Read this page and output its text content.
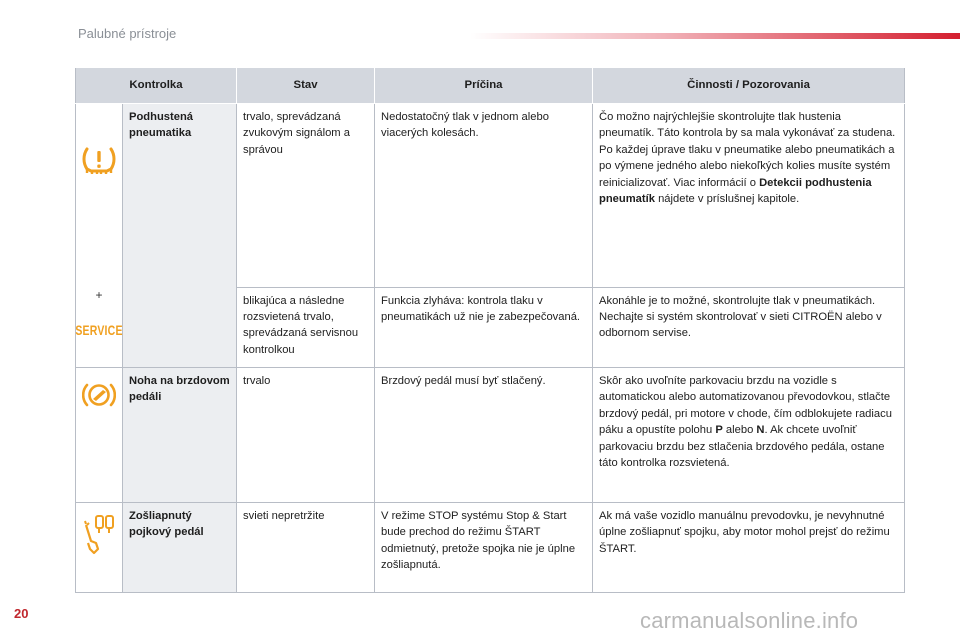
Palubné prístroje
Kontrolka		Stav	Príčina	Činnosti / Pozorovania

+
SERVICE	Podhustená pneumatika	trvalo, sprevádzaná zvukovým signálom a správou	Nedostatočný tlak v jednom alebo viacerých kolesách.	Čo možno najrýchlejšie skontrolujte tlak hustenia pneumatík. Táto kontrola by sa mala vykonávať za studena. Po každej úprave tlaku v pneumatike alebo pneumatikách a po výmene jedného alebo niekoľkých kolies musíte systém reinicializovať. Viac informácií o Detekcii podhustenia pneumatík nájdete v príslušnej kapitole.
		blikajúca a následne rozsvietená trvalo, sprevádzaná servisnou kontrolkou	Funkcia zlyháva: kontrola tlaku v pneumatikách už nie je zabezpečovaná.	Akonáhle je to možné, skontrolujte tlak v pneumatikách. Nechajte si systém skontrolovať v sieti CITROËN alebo v odbornom servise.

	Noha na brzdovom pedáli	trvalo	Brzdový pedál musí byť stlačený.	Skôr ako uvoľníte parkovaciu brzdu na vozidle s automatickou alebo automatizovanou převodovkou, stlačte brzdový pedál, pri motore v chode, čím odblokujete radiacu páku a opustíte polohu P alebo N. Ak chcete uvoľniť parkovaciu brzdu bez stlačenia brzdového pedála, ostane táto kontrolka rozsvietená.

	Zošliapnutý pojkový pedál	svieti nepretržite	V režime STOP systému Stop & Start bude prechod do režimu ŠTART odmietnutý, pretože spojka nie je úplne zošliapnutá.	Ak má vaše vozidlo manuálnu prevodovku, je nevyhnutné úplne zošliapnuť spojku, aby motor mohol prejsť do režimu ŠTART.
20	carmanualsonline.info
